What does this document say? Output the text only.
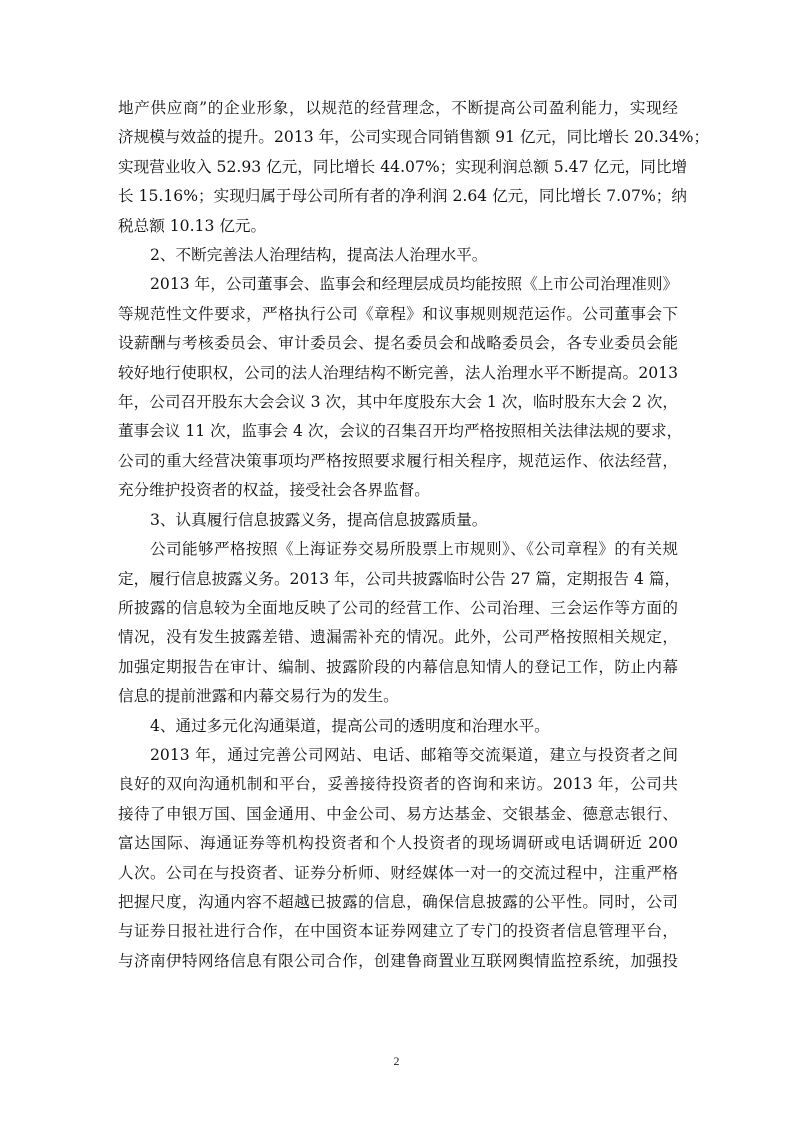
地产供应商”的企业形象，以规范的经营理念，不断提高公司盈利能力，实现经
济规模与效益的提升。2013 年，公司实现合同销售额 91 亿元，同比增长 20.34%；
实现营业收入 52.93 亿元，同比增长 44.07%；实现利润总额 5.47 亿元，同比增
长 15.16%；实现归属于母公司所有者的净利润 2.64 亿元，同比增长 7.07%；纳
税总额 10.13 亿元。

2、不断完善法人治理结构，提高法人治理水平。

2013 年，公司董事会、监事会和经理层成员均能按照《上市公司治理准则》
等规范性文件要求，严格执行公司《章程》和议事规则规范运作。公司董事会下
设薪酬与考核委员会、审计委员会、提名委员会和战略委员会，各专业委员会能
较好地行使职权，公司的法人治理结构不断完善，法人治理水平不断提高。2013
年，公司召开股东大会会议 3 次，其中年度股东大会 1 次，临时股东大会 2 次，
董事会议 11 次，监事会 4 次，会议的召集召开均严格按照相关法律法规的要求，
公司的重大经营决策事项均严格按照要求履行相关程序，规范运作、依法经营，
充分维护投资者的权益，接受社会各界监督。

3、认真履行信息披露义务，提高信息披露质量。

公司能够严格按照《上海证券交易所股票上市规则》、《公司章程》的有关规
定，履行信息披露义务。2013 年，公司共披露临时公告 27 篇，定期报告 4 篇，
所披露的信息较为全面地反映了公司的经营工作、公司治理、三会运作等方面的
情况，没有发生披露差错、遗漏需补充的情况。此外，公司严格按照相关规定，
加强定期报告在审计、编制、披露阶段的内幕信息知情人的登记工作，防止内幕
信息的提前泄露和内幕交易行为的发生。

4、通过多元化沟通渠道，提高公司的透明度和治理水平。

2013 年，通过完善公司网站、电话、邮箱等交流渠道，建立与投资者之间
良好的双向沟通机制和平台，妥善接待投资者的咨询和来访。2013 年，公司共
接待了申银万国、国金通用、中金公司、易方达基金、交银基金、德意志银行、
富达国际、海通证券等机构投资者和个人投资者的现场调研或电话调研近 200
人次。公司在与投资者、证券分析师、财经媒体一对一的交流过程中，注重严格
把握尺度，沟通内容不超越已披露的信息，确保信息披露的公平性。同时，公司
与证券日报社进行合作，在中国资本证券网建立了专门的投资者信息管理平台，
与济南伊特网络信息有限公司合作，创建鲁商置业互联网舆情监控系统，加强投

2
